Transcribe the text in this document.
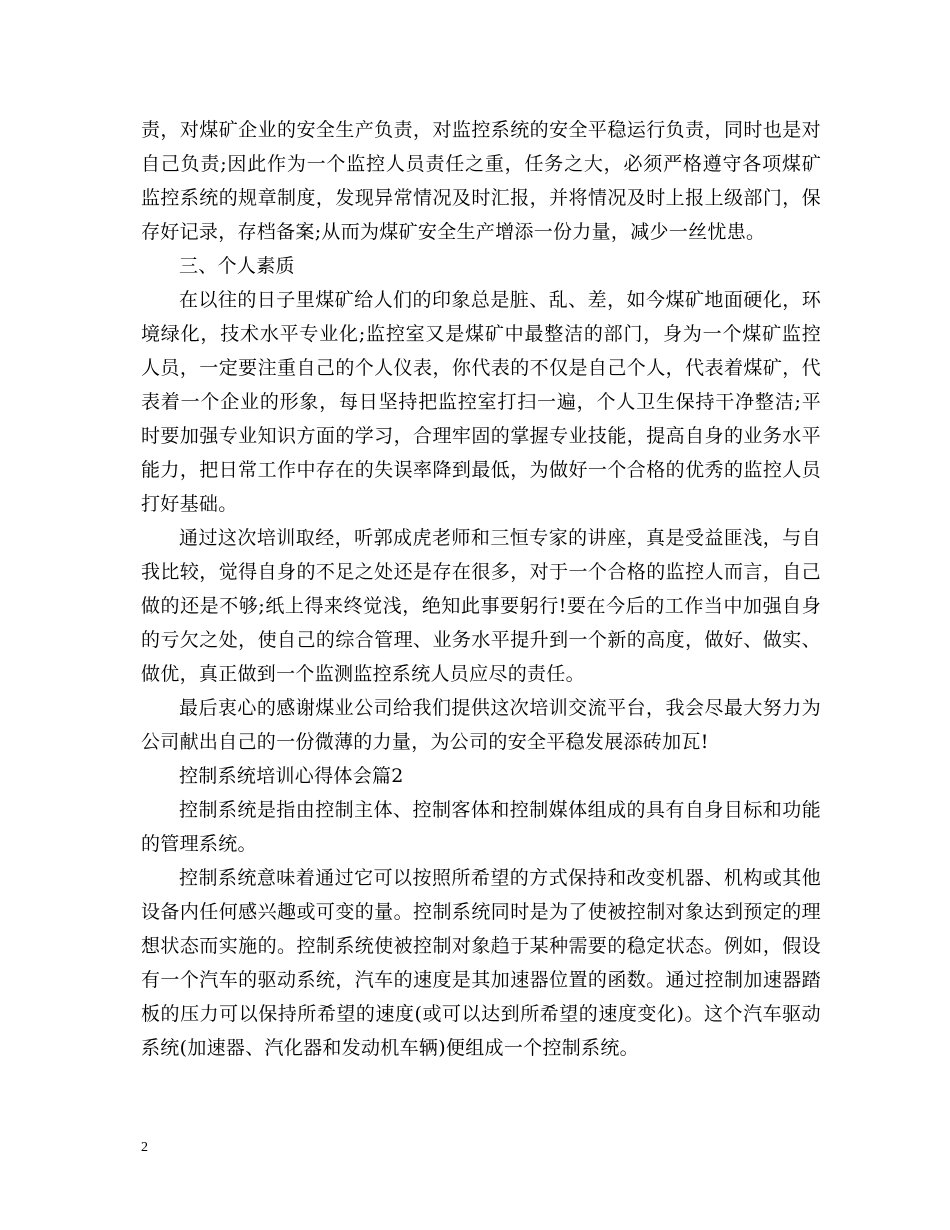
责，对煤矿企业的安全生产负责，对监控系统的安全平稳运行负责，同时也是对自己负责;因此作为一个监控人员责任之重，任务之大，必须严格遵守各项煤矿监控系统的规章制度，发现异常情况及时汇报，并将情况及时上报上级部门，保存好记录，存档备案;从而为煤矿安全生产增添一份力量，减少一丝忧患。

三、个人素质

在以往的日子里煤矿给人们的印象总是脏、乱、差，如今煤矿地面硬化，环境绿化，技术水平专业化;监控室又是煤矿中最整洁的部门，身为一个煤矿监控人员，一定要注重自己的个人仪表，你代表的不仅是自己个人，代表着煤矿，代表着一个企业的形象，每日坚持把监控室打扫一遍，个人卫生保持干净整洁;平时要加强专业知识方面的学习，合理牢固的掌握专业技能，提高自身的业务水平能力，把日常工作中存在的失误率降到最低，为做好一个合格的优秀的监控人员打好基础。

通过这次培训取经，听郭成虎老师和三恒专家的讲座，真是受益匪浅，与自我比较，觉得自身的不足之处还是存在很多，对于一个合格的监控人而言，自己做的还是不够;纸上得来终觉浅，绝知此事要躬行!要在今后的工作当中加强自身的亏欠之处，使自己的综合管理、业务水平提升到一个新的高度，做好、做实、做优，真正做到一个监测监控系统人员应尽的责任。

最后衷心的感谢煤业公司给我们提供这次培训交流平台，我会尽最大努力为公司献出自己的一份微薄的力量，为公司的安全平稳发展添砖加瓦!

控制系统培训心得体会篇2

控制系统是指由控制主体、控制客体和控制媒体组成的具有自身目标和功能的管理系统。

控制系统意味着通过它可以按照所希望的方式保持和改变机器、机构或其他设备内任何感兴趣或可变的量。控制系统同时是为了使被控制对象达到预定的理想状态而实施的。控制系统使被控制对象趋于某种需要的稳定状态。例如，假设有一个汽车的驱动系统，汽车的速度是其加速器位置的函数。通过控制加速器踏板的压力可以保持所希望的速度(或可以达到所希望的速度变化)。这个汽车驱动系统(加速器、汽化器和发动机车辆)便组成一个控制系统。

2
